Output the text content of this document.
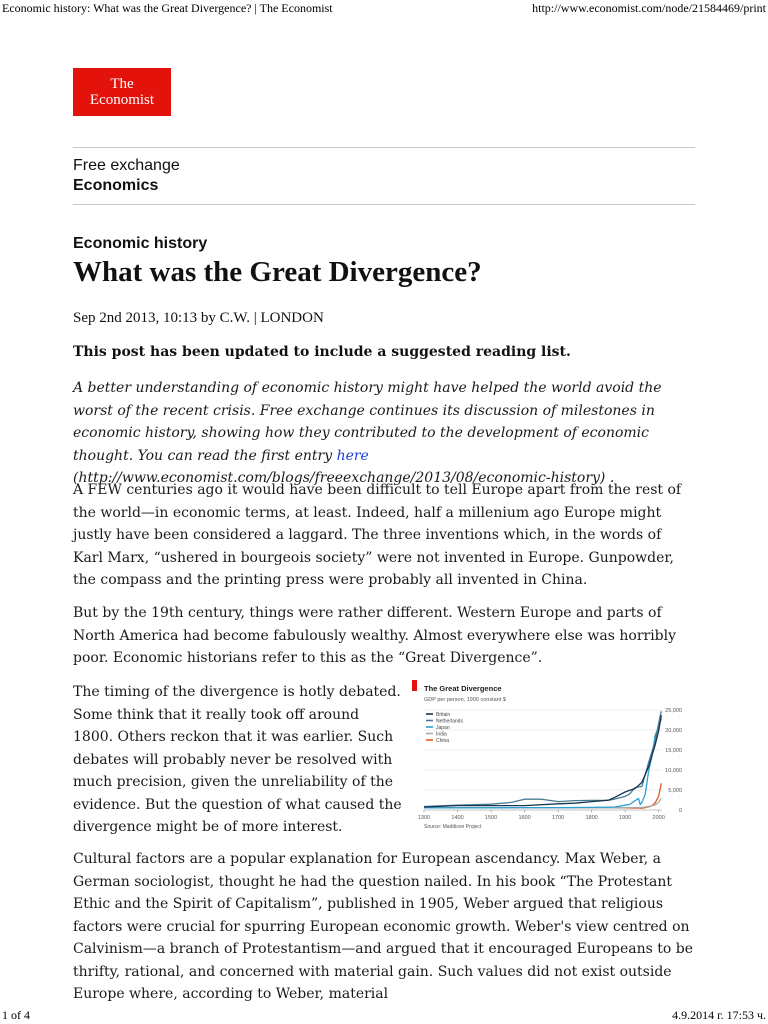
Economic history: What was the Great Divergence? | The Economist	http://www.economist.com/node/21584469/print
The
Economist
Free exchange
Economics
Economic history
What was the Great Divergence?
Sep 2nd 2013, 10:13 by C.W. | LONDON
This post has been updated to include a suggested reading list.

A better understanding of economic history might have helped the world avoid the worst of the recent crisis. Free exchange continues its discussion of milestones in economic history, showing how they contributed to the development of economic thought. You can read the first entry here (http://www.economist.com/blogs/freeexchange/2013/08/economic-history) .

A FEW centuries ago it would have been difficult to tell Europe apart from the rest of the world—in economic terms, at least. Indeed, half a millenium ago Europe might justly have been considered a laggard. The three inventions which, in the words of Karl Marx, “ushered in bourgeois society” were not invented in Europe. Gunpowder, the compass and the printing press were probably all invented in China.

But by the 19th century, things were rather different. Western Europe and parts of North America had become fabulously wealthy. Almost everywhere else was horribly poor. Economic historians refer to this as the “Great Divergence”.

The timing of the divergence is hotly debated. Some think that it really took off around 1800. Others reckon that it was earlier. Such debates will probably never be resolved with much precision, given the unreliability of the evidence. But the question of what caused the divergence might be of more interest.

The Great Divergence
GDP per person, 1990 constant $
0
5,000
10,000
15,000
20,000
25,000
1300	1400	1500	1600	1700	1800	1900	2000
Britain
Netherlands
Japan
India
China
Source: Maddison Project

Cultural factors are a popular explanation for European ascendancy. Max Weber, a German sociologist, thought he had the question nailed. In his book “The Protestant Ethic and the Spirit of Capitalism”, published in 1905, Weber argued that religious factors were crucial for spurring European economic growth. Weber's view centred on Calvinism—a branch of Protestantism—and argued that it encouraged Europeans to be thrifty, rational, and concerned with material gain. Such values did not exist outside Europe where, according to Weber, material

1 of 4	4.9.2014 г. 17:53 ч.
